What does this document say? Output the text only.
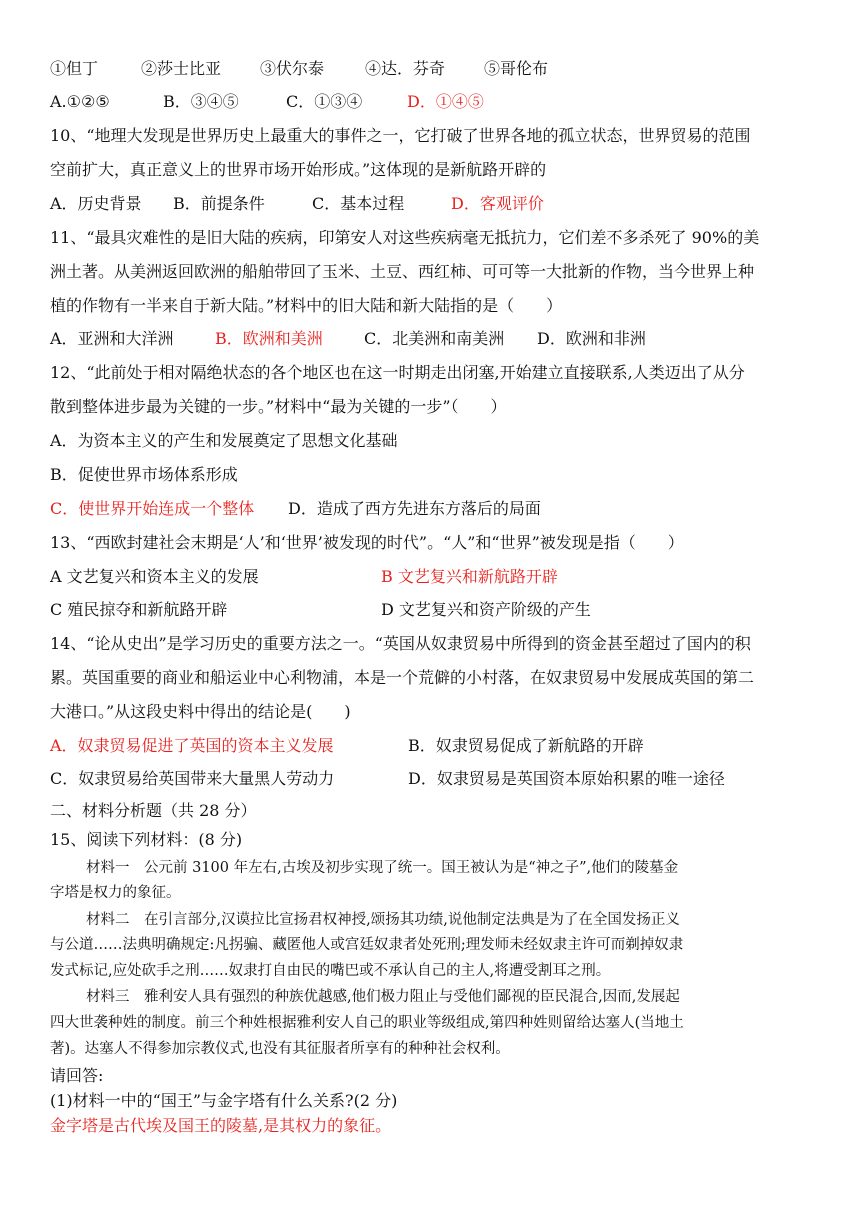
①但丁	②莎士比亚 ③伏尔泰	④达．芬奇 ⑤哥伦布
A.①②⑤	B．③④⑤	C．①③④	D．①④⑤
10、“地理大发现是世界历史上最重大的事件之一，它打破了世界各地的孤立状态，世界贸易的范围
空前扩大，真正意义上的世界市场开始形成。”这体现的是新航路开辟的
A．历史背景 B．前提条件	C．基本过程	D．客观评价
11、“最具灾难性的是旧大陆的疾病，印第安人对这些疾病毫无抵抗力，它们差不多杀死了 90%的美
洲土著。从美洲返回欧洲的船舶带回了玉米、土豆、西红柿、可可等一大批新的作物，当今世界上种
植的作物有一半来自于新大陆。”材料中的旧大陆和新大陆指的是（　　）
A．亚洲和大洋洲	B．欧洲和美洲	C．北美洲和南美洲 D．欧洲和非洲
12、“此前处于相对隔绝状态的各个地区也在这一时期走出闭塞,开始建立直接联系,人类迈出了从分
散到整体进步最为关键的一步。”材料中“最为关键的一步”（　　）
A．为资本主义的产生和发展奠定了思想文化基础
B．促使世界市场体系形成
C．使世界开始连成一个整体 D．造成了西方先进东方落后的局面
13、“西欧封建社会末期是‘人’和‘世界’被发现的时代”。“人”和“世界”被发现是指（　　）
A 文艺复兴和资本主义的发展	B 文艺复兴和新航路开辟
C 殖民掠夺和新航路开辟	D 文艺复兴和资产阶级的产生
14、“论从史出”是学习历史的重要方法之一。“英国从奴隶贸易中所得到的资金甚至超过了国内的积
累。英国重要的商业和船运业中心利物浦，本是一个荒僻的小村落，在奴隶贸易中发展成英国的第二
大港口。”从这段史料中得出的结论是(　　)
A．奴隶贸易促进了英国的资本主义发展	B．奴隶贸易促成了新航路的开辟
C．奴隶贸易给英国带来大量黑人劳动力	D．奴隶贸易是英国资本原始积累的唯一途径
二、材料分析题（共 28 分）
15、阅读下列材料：(8 分)
材料一　公元前 3100 年左右,古埃及初步实现了统一。国王被认为是“神之子”,他们的陵墓金
字塔是权力的象征。
材料二　在引言部分,汉谟拉比宣扬君权神授,颂扬其功绩,说他制定法典是为了在全国发扬正义
与公道……法典明确规定:凡拐骗、藏匿他人或宫廷奴隶者处死刑;理发师未经奴隶主许可而剃掉奴隶
发式标记,应处砍手之刑……奴隶打自由民的嘴巴或不承认自己的主人,将遭受割耳之刑。
材料三　雅利安人具有强烈的种族优越感,他们极力阻止与受他们鄙视的臣民混合,因而,发展起
四大世袭种姓的制度。前三个种姓根据雅利安人自己的职业等级组成,第四种姓则留给达塞人(当地土
著)。达塞人不得参加宗教仪式,也没有其征服者所享有的种种社会权利。
请回答:
(1)材料一中的“国王”与金字塔有什么关系?(2 分)
金字塔是古代埃及国王的陵墓,是其权力的象征。
